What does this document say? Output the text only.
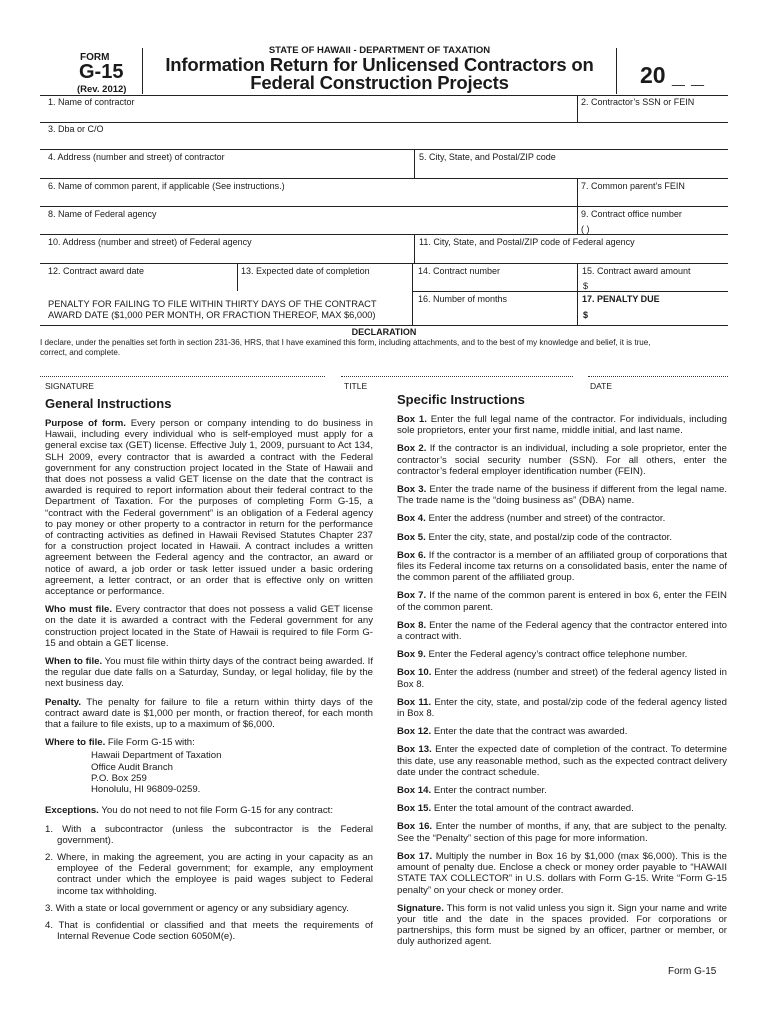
FORM
G-15
(Rev. 2012)
STATE OF HAWAII - DEPARTMENT OF TAXATION
Information Return for Unlicensed Contractors on
Federal Construction Projects	20 _ _
1. Name of contractor	2. Contractor’s SSN or FEIN
3. Dba or C/O
4. Address (number and street) of contractor	5. City, State, and Postal/ZIP code
6. Name of common parent, if applicable (See instructions.)	7. Common parent’s FEIN
8. Name of Federal agency	9. Contract office number
( )
10. Address (number and street) of Federal agency	11. City, State, and Postal/ZIP code of Federal agency
12. Contract award date	13. Expected date of completion	14. Contract number	15. Contract award amount
$
16. Number of months	17. PENALTY DUE
$
PENALTY FOR FAILING TO FILE WITHIN THIRTY DAYS OF THE CONTRACT
AWARD DATE ($1,000 PER MONTH, OR FRACTION THEREOF, MAX $6,000)
DECLARATION
I declare, under the penalties set forth in section 231-36, HRS, that I have examined this form, including attachments, and to the best of my knowledge and belief, it is true,
correct, and complete.
SIGNATURE	TITLE	DATE
General Instructions

Purpose of form. Every person or company intending to do business in Hawaii, including every individual who is self-employed must apply for a general excise tax (GET) license. Effective July 1, 2009, pursuant to Act 134, SLH 2009, every contractor that is awarded a contract with the Federal government for any construction project located in the State of Hawaii and that does not possess a valid GET license on the date that the contract is awarded is required to report information about their federal contract to the Department of Taxation. For the purposes of completing Form G-15, a “contract with the Federal government” is an obligation of a Federal agency to pay money or other property to a contractor in return for the performance of contracting activities as defined in Hawaii Revised Statutes Chapter 237 for a construction project located in Hawaii. A contract includes a written agreement between the Federal agency and the contractor, an award or notice of award, a job order or task letter issued under a basic ordering agreement, a letter contract, or an order that is effective only on written acceptance or performance.

Who must file. Every contractor that does not possess a valid GET license on the date it is awarded a contract with the Federal government for any construction project located in the State of Hawaii is required to file Form G-15 and obtain a GET license.

When to file. You must file within thirty days of the contract being awarded. If the regular due date falls on a Saturday, Sunday, or legal holiday, file by the next business day.

Penalty. The penalty for failure to file a return within thirty days of the contract award date is $1,000 per month, or fraction thereof, for each month that a failure to file exists, up to a maximum of $6,000.

Where to file. File Form G-15 with:

Hawaii Department of Taxation
Office Audit Branch
P.O. Box 259
Honolulu, HI 96809-0259.

Exceptions. You do not need to not file Form G-15 for any contract:

1. With a subcontractor (unless the subcontractor is the Federal government).
2. Where, in making the agreement, you are acting in your capacity as an employee of the Federal government; for example, any employment contract under which the employee is paid wages subject to Federal income tax withholding.
3. With a state or local government or agency or any subsidiary agency.
4. That is confidential or classified and that meets the requirements of Internal Revenue Code section 6050M(e).
Specific Instructions

Box 1. Enter the full legal name of the contractor. For individuals, including sole proprietors, enter your first name, middle initial, and last name.

Box 2. If the contractor is an individual, including a sole proprietor, enter the contractor’s social security number (SSN). For all others, enter the contractor’s federal employer identification number (FEIN).

Box 3. Enter the trade name of the business if different from the legal name. The trade name is the “doing business as” (DBA) name.

Box 4. Enter the address (number and street) of the contractor.

Box 5. Enter the city, state, and postal/zip code of the contractor.

Box 6. If the contractor is a member of an affiliated group of corporations that files its Federal income tax returns on a consolidated basis, enter the name of the common parent of the affiliated group.

Box 7. If the name of the common parent is entered in box 6, enter the FEIN of the common parent.

Box 8. Enter the name of the Federal agency that the contractor entered into a contract with.

Box 9. Enter the Federal agency’s contract office telephone number.

Box 10. Enter the address (number and street) of the federal agency listed in Box 8.

Box 11. Enter the city, state, and postal/zip code of the federal agency listed in Box 8.

Box 12. Enter the date that the contract was awarded.

Box 13. Enter the expected date of completion of the contract. To determine this date, use any reasonable method, such as the expected contract delivery date under the contract schedule.

Box 14. Enter the contract number.

Box 15. Enter the total amount of the contract awarded.

Box 16. Enter the number of months, if any, that are subject to the penalty. See the “Penalty” section of this page for more information.

Box 17. Multiply the number in Box 16 by $1,000 (max $6,000). This is the amount of penalty due. Enclose a check or money order payable to “HAWAII STATE TAX COLLECTOR” in U.S. dollars with Form G-15. Write “Form G-15 penalty” on your check or money order.

Signature. This form is not valid unless you sign it. Sign your name and write your title and the date in the spaces provided. For corporations or partnerships, this form must be signed by an officer, partner or member, or duly authorized agent.

Form G-15
